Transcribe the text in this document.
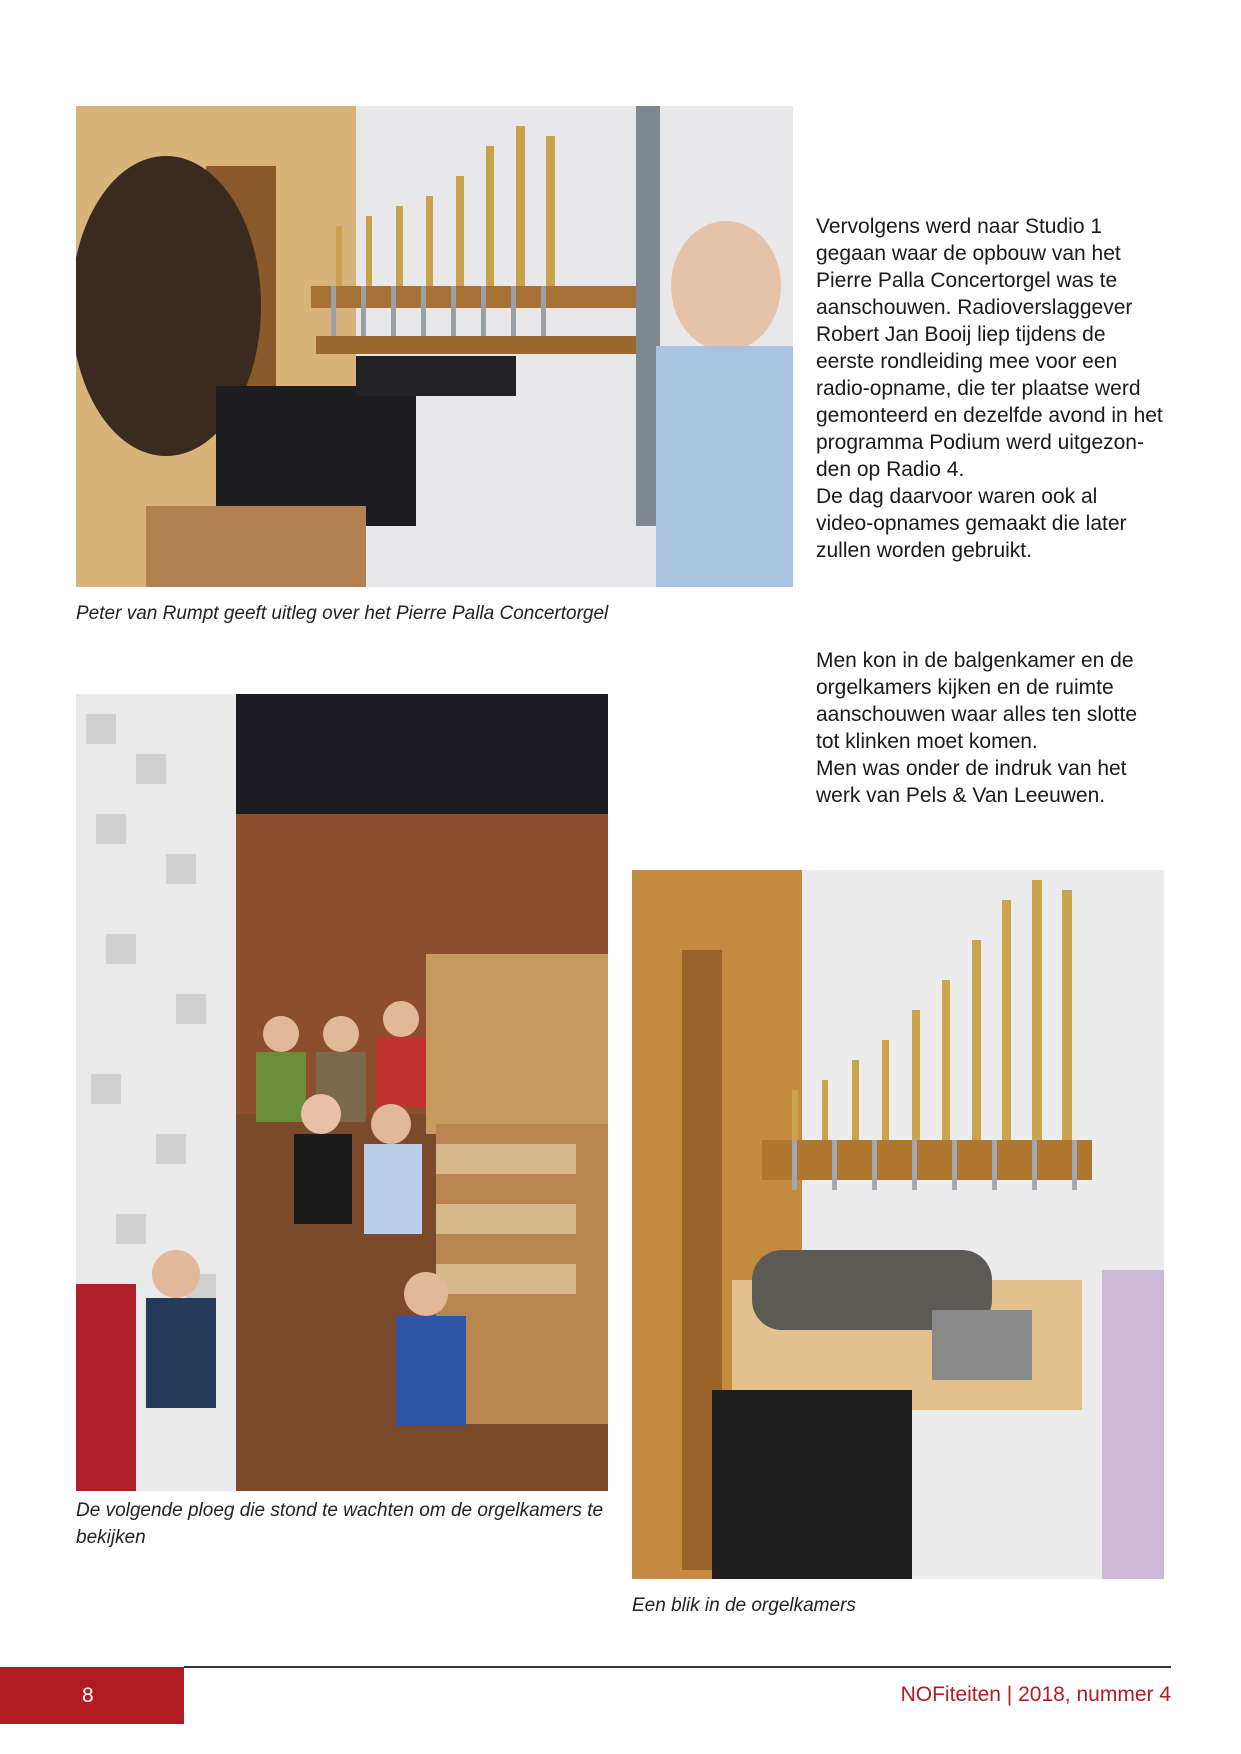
Peter van Rumpt geeft uitleg over het Pierre Palla Concertorgel

Vervolgens werd naar Studio 1
gegaan waar de opbouw van het
Pierre Palla Concertorgel was te
aanschouwen. Radioverslaggever
Robert Jan Booij liep tijdens de
eerste rondleiding mee voor een
radio-opname, die ter plaatse werd
gemonteerd en dezelfde avond in het
programma Podium werd uitgezon-
den op Radio 4.
De dag daarvoor waren ook al
video-opnames gemaakt die later
zullen worden gebruikt.

Men kon in de balgenkamer en de
orgelkamers kijken en de ruimte
aanschouwen waar alles ten slotte
tot klinken moet komen.
Men was onder de indruk van het
werk van Pels & Van Leeuwen.

De volgende ploeg die stond te wachten om de orgelkamers te bekijken
Een blik in de orgelkamers
8	NOFiteiten | 2018, nummer 4
